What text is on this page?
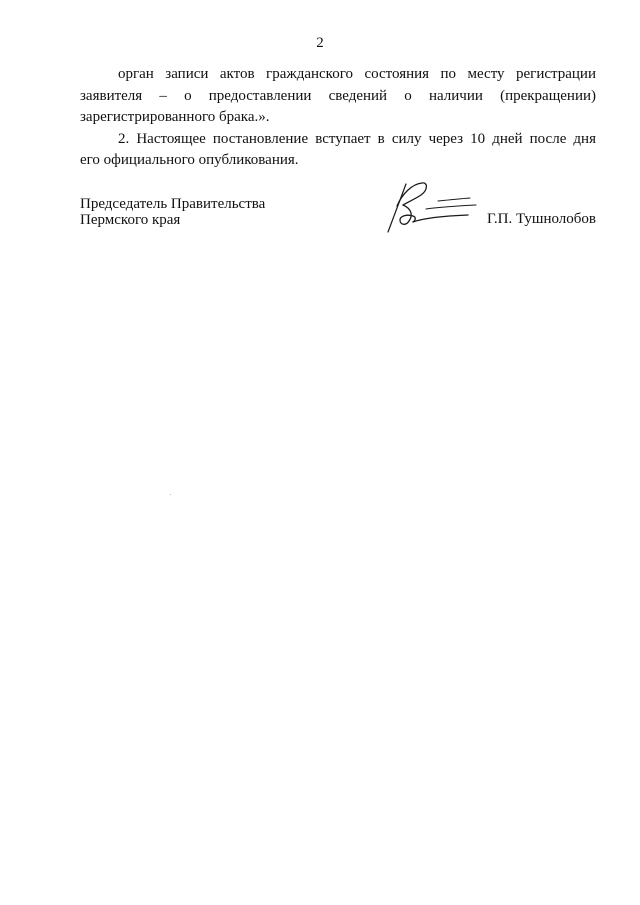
2

орган записи актов гражданского состояния по месту регистрации

заявителя – о предоставлении сведений о наличии (прекращении)

зарегистрированного брака.».

2. Настоящее постановление вступает в силу через 10 дней после дня

его официального опубликования.

Председатель Правительства
Пермского края	Г.П. Тушнолобов
